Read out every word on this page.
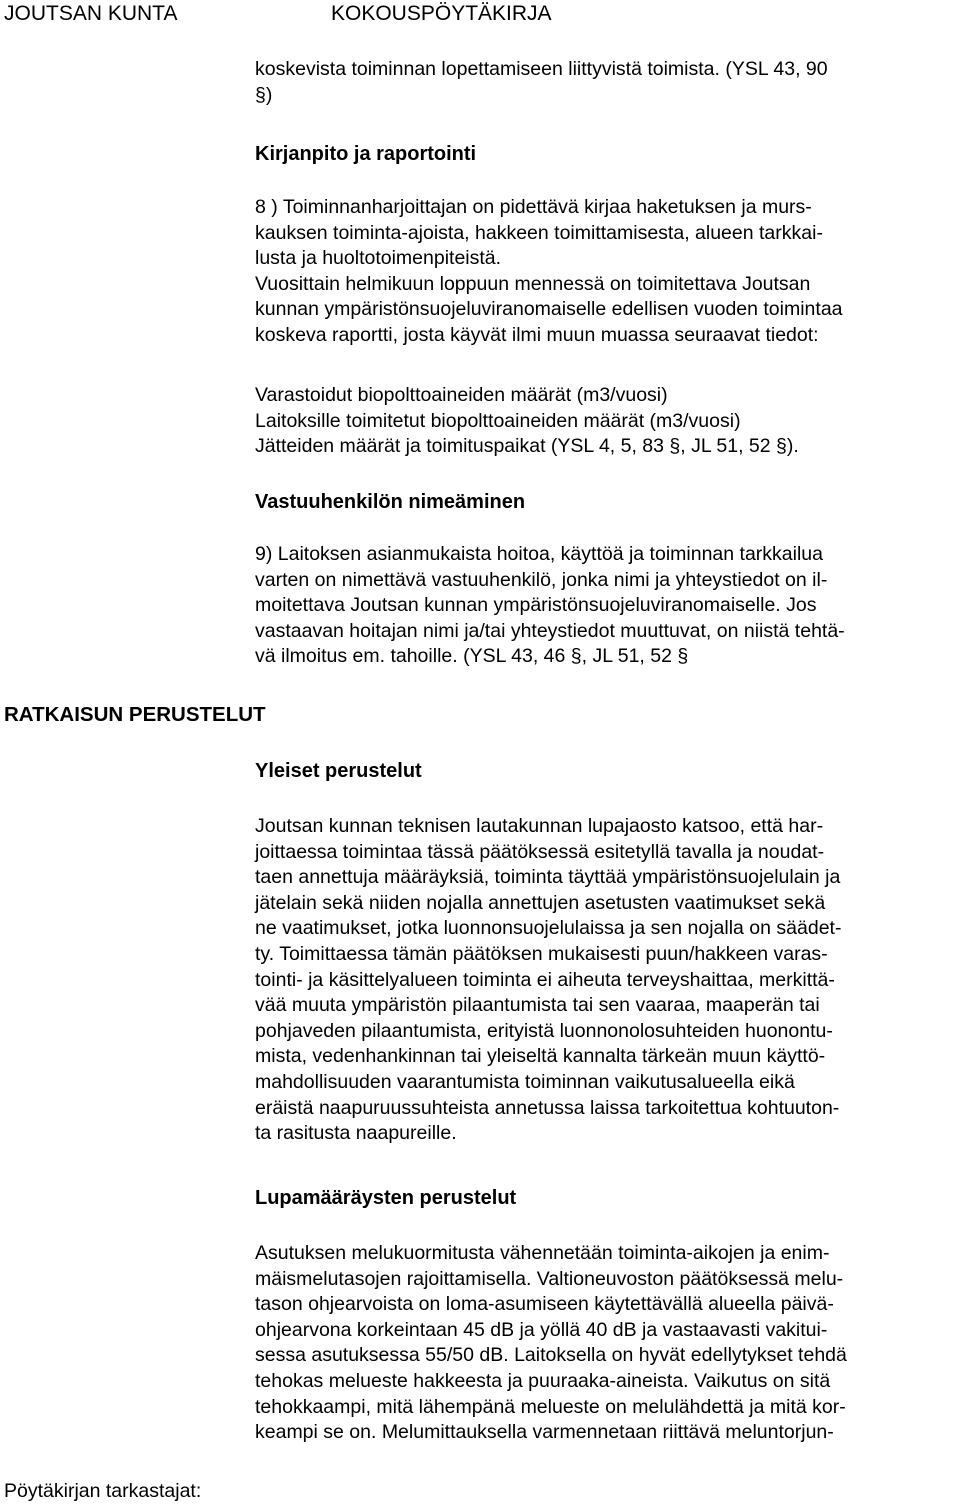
JOUTSAN KUNTA	KOKOUSPÖYTÄKIRJA
koskevista toiminnan lopettamiseen liittyvistä toimista. (YSL 43, 90
§)
Kirjanpito ja raportointi
8 ) Toiminnanharjoittajan on pidettävä kirjaa haketuksen ja murs-
kauksen toiminta-ajoista, hakkeen toimittamisesta, alueen tarkkai-
lusta ja huoltotoimenpiteistä.
Vuosittain helmikuun loppuun mennessä on toimitettava Joutsan
kunnan ympäristönsuojeluviranomaiselle edellisen vuoden toimintaa
koskeva raportti, josta käyvät ilmi muun muassa seuraavat tiedot:
Varastoidut biopolttoaineiden määrät (m3/vuosi)
Laitoksille toimitetut biopolttoaineiden määrät (m3/vuosi)
Jätteiden määrät ja toimituspaikat (YSL 4, 5, 83 §, JL 51, 52 §).
Vastuuhenkilön nimeäminen
9) Laitoksen asianmukaista hoitoa, käyttöä ja toiminnan tarkkailua
varten on nimettävä vastuuhenkilö, jonka nimi ja yhteystiedot on il-
moitettava Joutsan kunnan ympäristönsuojeluviranomaiselle. Jos
vastaavan hoitajan nimi ja/tai yhteystiedot muuttuvat, on niistä tehtä-
vä ilmoitus em. tahoille. (YSL 43, 46 §, JL 51, 52 §
RATKAISUN PERUSTELUT
Yleiset perustelut
Joutsan kunnan teknisen lautakunnan lupajaosto katsoo, että har-
joittaessa toimintaa tässä päätöksessä esitetyllä tavalla ja noudat-
taen annettuja määräyksiä, toiminta täyttää ympäristönsuojelulain ja
jätelain sekä niiden nojalla annettujen asetusten vaatimukset sekä
ne vaatimukset, jotka luonnonsuojelulaissa ja sen nojalla on säädet-
ty. Toimittaessa tämän päätöksen mukaisesti puun/hakkeen varas-
tointi- ja käsittelyalueen toiminta ei aiheuta terveyshaittaa, merkittä-
vää muuta ympäristön pilaantumista tai sen vaaraa, maaperän tai
pohjaveden pilaantumista, erityistä luonnonolosuhteiden huonontu-
mista, vedenhankinnan tai yleiseltä kannalta tärkeän muun käyttö-
mahdollisuuden vaarantumista toiminnan vaikutusalueella eikä
eräistä naapuruussuhteista annetussa laissa tarkoitettua kohtuuton-
ta rasitusta naapureille.
Lupamääräysten perustelut
Asutuksen melukuormitusta vähennetään toiminta-aikojen ja enim-
mäismelutasojen rajoittamisella. Valtioneuvoston päätöksessä melu-
tason ohjearvoista on loma-asumiseen käytettävällä alueella päivä-
ohjearvona korkeintaan 45 dB ja yöllä 40 dB ja vastaavasti vakitui-
sessa asutuksessa 55/50 dB. Laitoksella on hyvät edellytykset tehdä
tehokas melueste hakkeesta ja puuraaka-aineista. Vaikutus on sitä
tehokkaampi, mitä lähempänä melueste on melulähdettä ja mitä kor-
keampi se on. Melumittauksella varmennetaan riittävä meluntorjun-
Pöytäkirjan tarkastajat:
